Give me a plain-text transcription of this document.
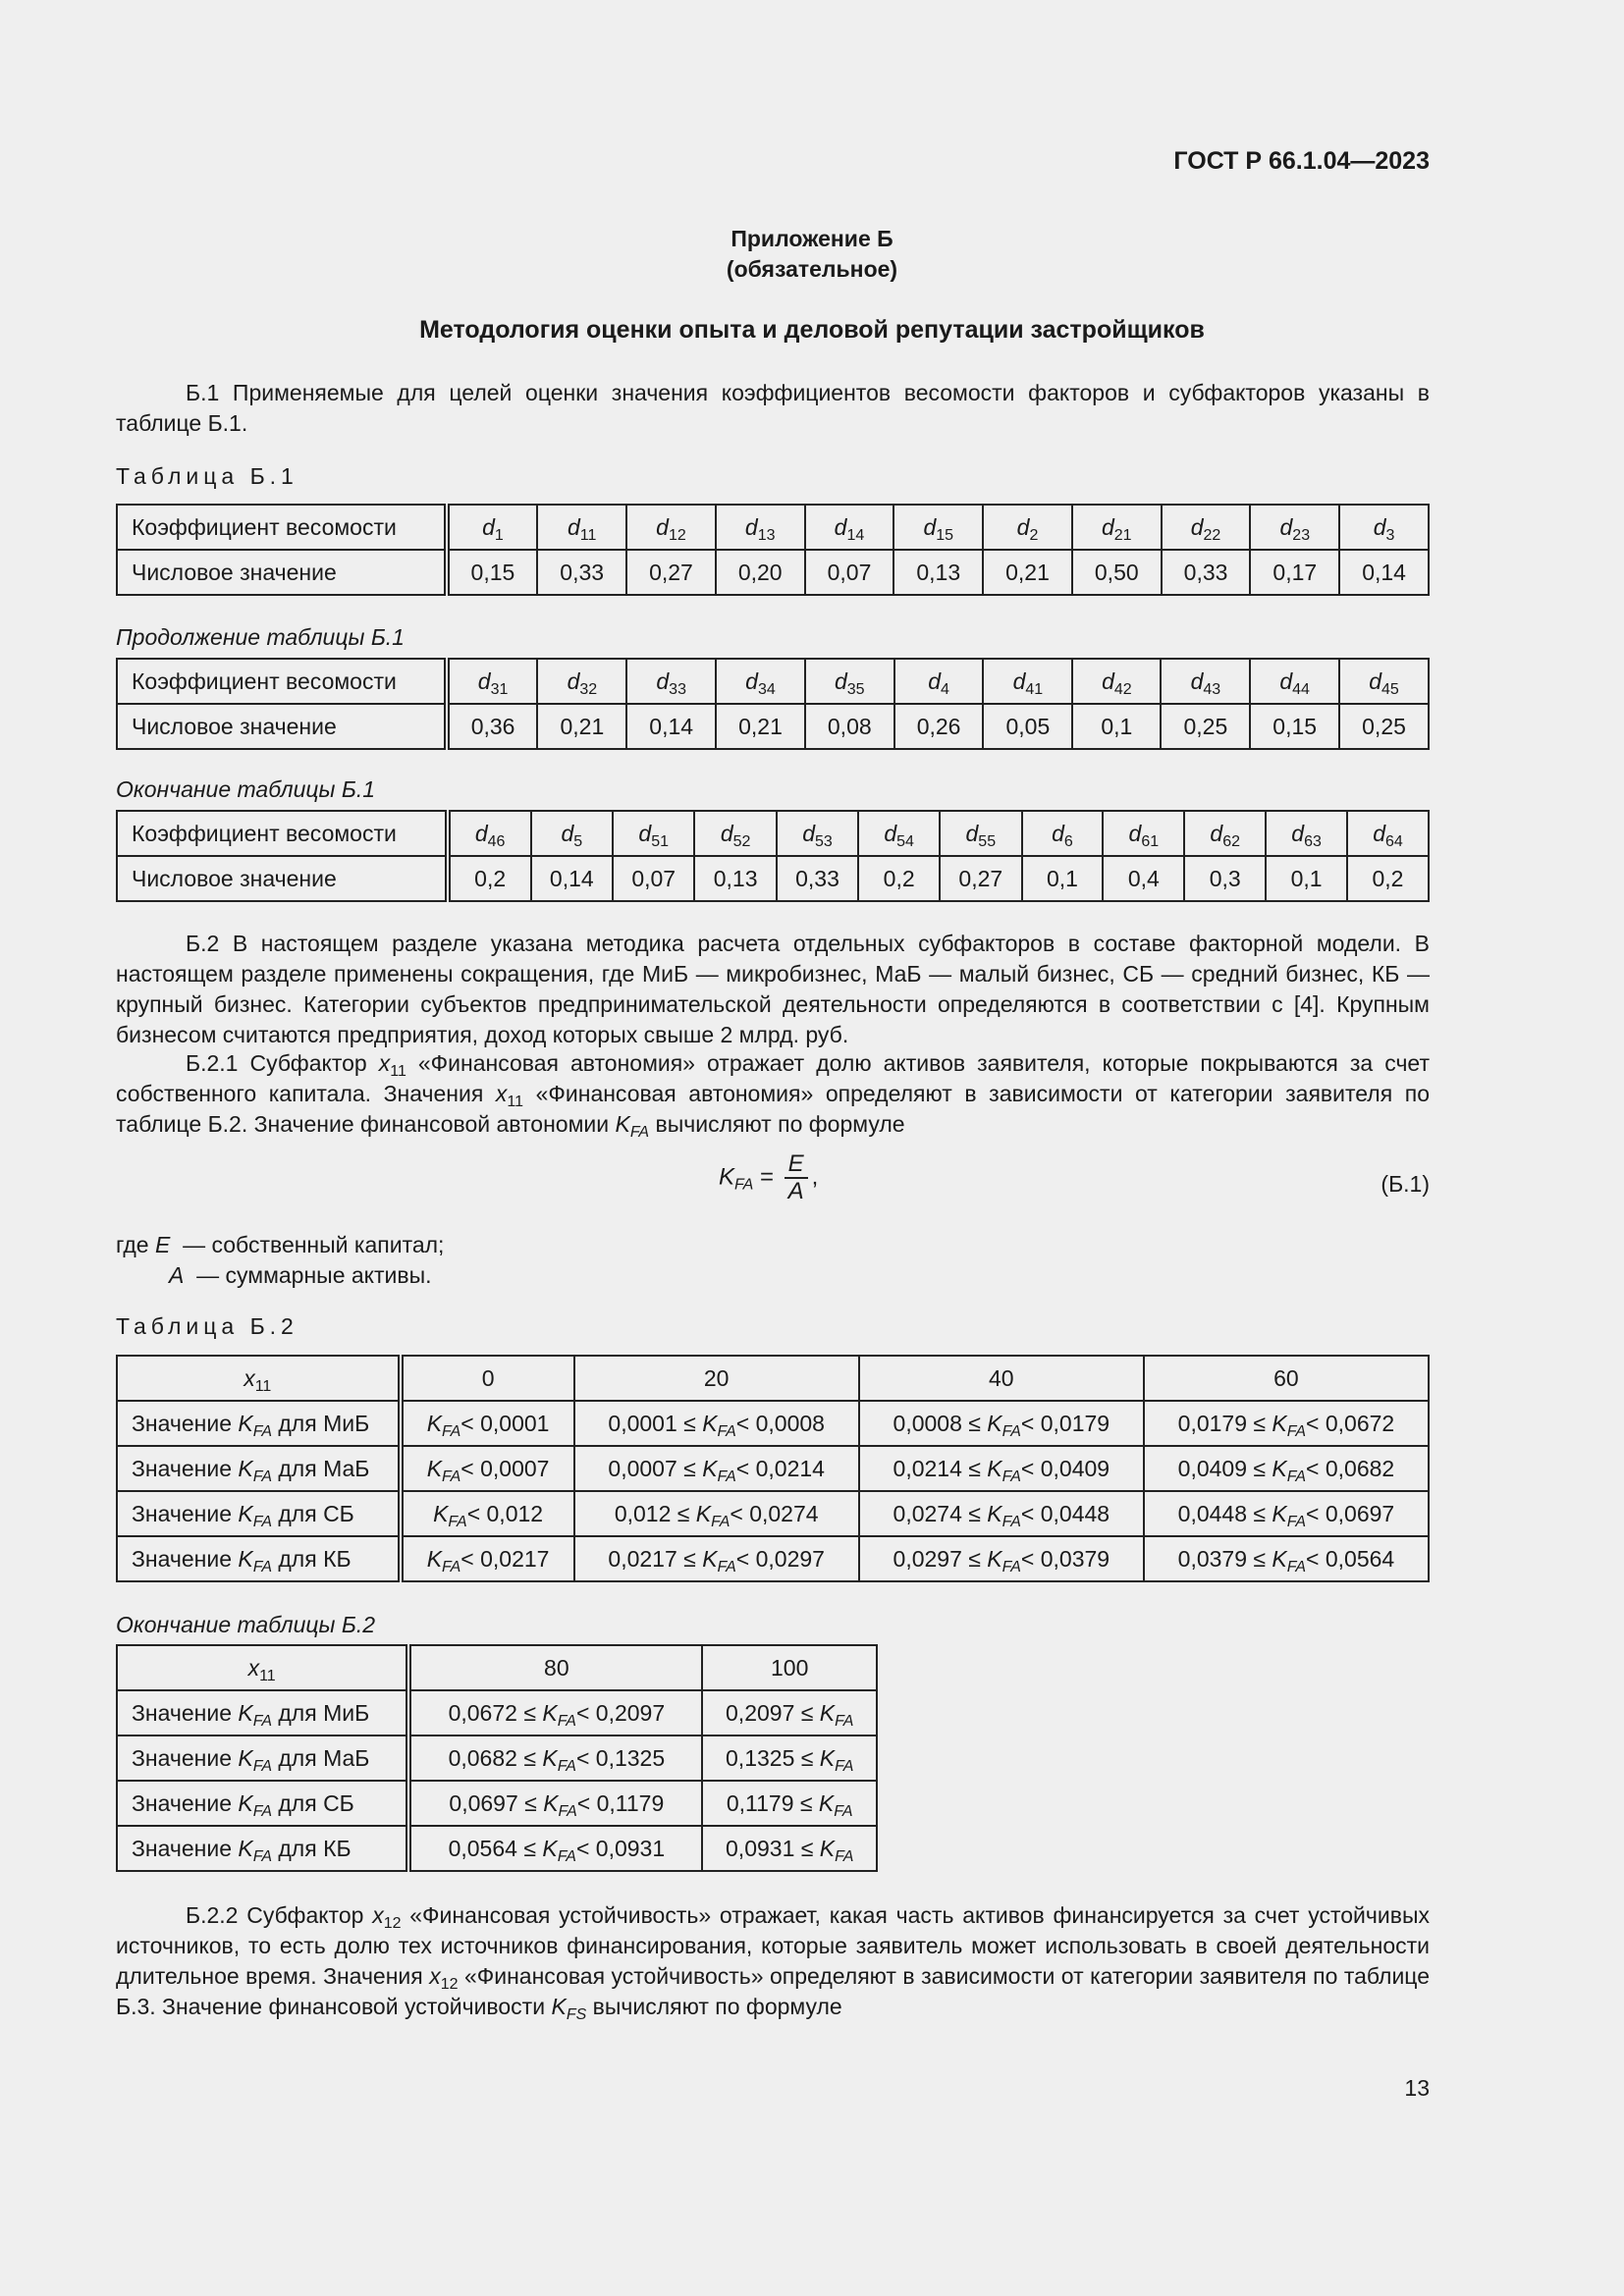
ГОСТ Р 66.1.04—2023
Приложение Б
(обязательное)
Методология оценки опыта и деловой репутации застройщиков

Б.1 Применяемые для целей оценки значения коэффициентов весомости факторов и субфакторов указаны в таблице Б.1.

Таблица Б.1
Коэффициент весомости	$d_1$	$d_{11}$	$d_{12}$	$d_{13}$	$d_{14}$	$d_{15}$	$d_2$	$d_{21}$	$d_{22}$	$d_{23}$	$d_3$
Числовое значение	0,15	0,33	0,27	0,20	0,07	0,13	0,21	0,50	0,33	0,17	0,14
Продолжение таблицы Б.1
Коэффициент весомости	$d_{31}$	$d_{32}$	$d_{33}$	$d_{34}$	$d_{35}$	$d_4$	$d_{41}$	$d_{42}$	$d_{43}$	$d_{44}$	$d_{45}$
Числовое значение	0,36	0,21	0,14	0,21	0,08	0,26	0,05	0,1	0,25	0,15	0,25
Окончание таблицы Б.1
Коэффициент весомости	$d_{46}$	$d_5$	$d_{51}$	$d_{52}$	$d_{53}$	$d_{54}$	$d_{55}$	$d_6$	$d_{61}$	$d_{62}$	$d_{63}$	$d_{64}$
Числовое значение	0,2	0,14	0,07	0,13	0,33	0,2	0,27	0,1	0,4	0,3	0,1	0,2

Б.2 В настоящем разделе указана методика расчета отдельных субфакторов в составе факторной модели. В настоящем разделе применены сокращения, где МиБ — микробизнес, МаБ — малый бизнес, СБ — средний бизнес, КБ — крупный бизнес. Категории субъектов предпринимательской деятельности определяются в соответствии с [4]. Крупным бизнесом считаются предприятия, доход которых свыше 2 млрд. руб.

Б.2.1 Субфактор $x_{11}$ «Финансовая автономия» отражает долю активов заявителя, которые покрываются за счет собственного капитала. Значения $x_{11}$ «Финансовая автономия» определяют в зависимости от категории заявителя по таблице Б.2. Значение финансовой автономии $K_{FA}$ вычисляют по формуле

$K_{FA} = \frac{E}{A}$ ,	(Б.1)
где E — собственный капитал;
A — суммарные активы.
Таблица Б.2
$x_{11}$	0	20	40	60
Значение $K_{FA}$ для МиБ	$K_{FA}< 0,0001$	$0,0001 \le K_{FA}< 0,0008$	$0,0008 \le K_{FA}< 0,0179$	$0,0179 \le K_{FA}< 0,0672$
Значение $K_{FA}$ для МаБ	$K_{FA}< 0,0007$	$0,0007 \le K_{FA}< 0,0214$	$0,0214 \le K_{FA}< 0,0409$	$0,0409 \le K_{FA}< 0,0682$
Значение $K_{FA}$ для СБ	$K_{FA}< 0,012$	$0,012 \le K_{FA}< 0,0274$	$0,0274 \le K_{FA}< 0,0448$	$0,0448 \le K_{FA}< 0,0697$
Значение $K_{FA}$ для КБ	$K_{FA}< 0,0217$	$0,0217 \le K_{FA}< 0,0297$	$0,0297 \le K_{FA}< 0,0379$	$0,0379 \le K_{FA}< 0,0564$
Окончание таблицы Б.2
$x_{11}$	80	100
Значение $K_{FA}$ для МиБ	$0,0672 \le K_{FA}< 0,2097$	$0,2097 \le K_{FA}$
Значение $K_{FA}$ для МаБ	$0,0682 \le K_{FA}< 0,1325$	$0,1325 \le K_{FA}$
Значение $K_{FA}$ для СБ	$0,0697 \le K_{FA}< 0,1179$	$0,1179 \le K_{FA}$
Значение $K_{FA}$ для КБ	$0,0564 \le K_{FA}< 0,0931$	$0,0931 \le K_{FA}$

Б.2.2 Субфактор $x_{12}$ «Финансовая устойчивость» отражает, какая часть активов финансируется за счет устойчивых источников, то есть долю тех источников финансирования, которые заявитель может использовать в своей деятельности длительное время. Значения $x_{12}$ «Финансовая устойчивость» определяют в зависимости от категории заявителя по таблице Б.3. Значение финансовой устойчивости $K_{FS}$ вычисляют по формуле

13
